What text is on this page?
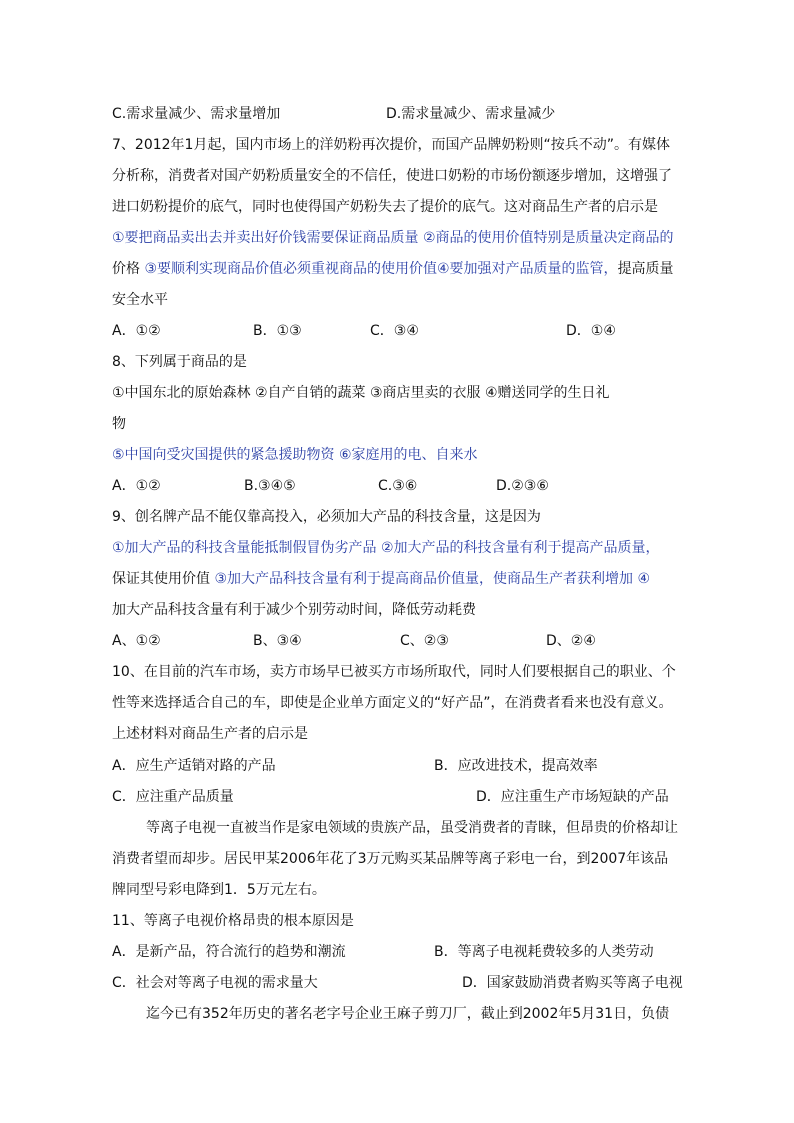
C.需求量减少、需求量增加	D.需求量减少、需求量减少
7、2012年1月起，国内市场上的洋奶粉再次提价，而国产品牌奶粉则“按兵不动”。有媒体
分析称，消费者对国产奶粉质量安全的不信任，使进口奶粉的市场份额逐步增加，这增强了
进口奶粉提价的底气，同时也使得国产奶粉失去了提价的底气。这对商品生产者的启示是
①要把商品卖出去并卖出好价钱需要保证商品质量 ②商品的使用价值特别是质量决定商品的
价格 ③要顺利实现商品价值必须重视商品的使用价值④要加强对产品质量的监管，提高质量
安全水平
A．①②	B．①③	C．③④	D．①④
8、下列属于商品的是
①中国东北的原始森林 ②自产自销的蔬菜 ③商店里卖的衣服 ④赠送同学的生日礼
物
⑤中国向受灾国提供的紧急援助物资 ⑥家庭用的电、自来水
A．①②	B.③④⑤	C.③⑥	D.②③⑥
9、创名牌产品不能仅靠高投入，必须加大产品的科技含量，这是因为
①加大产品的科技含量能抵制假冒伪劣产品 ②加大产品的科技含量有利于提高产品质量，
保证其使用价值 ③加大产品科技含量有利于提高商品价值量，使商品生产者获利增加 ④
加大产品科技含量有利于减少个别劳动时间，降低劳动耗费
A、①②	B、③④	C、②③	D、②④
10、在目前的汽车市场，卖方市场早已被买方市场所取代，同时人们要根据自己的职业、个
性等来选择适合自己的车，即使是企业单方面定义的“好产品”，在消费者看来也没有意义。
上述材料对商品生产者的启示是
A．应生产适销对路的产品	B．应改进技术，提高效率
C．应注重产品质量	D．应注重生产市场短缺的产品
等离子电视一直被当作是家电领域的贵族产品，虽受消费者的青睐，但昂贵的价格却让
消费者望而却步。居民甲某2006年花了3万元购买某品牌等离子彩电一台，到2007年该品
牌同型号彩电降到1．5万元左右。
11、等离子电视价格昂贵的根本原因是
A．是新产品，符合流行的趋势和潮流	B．等离子电视耗费较多的人类劳动
C．社会对等离子电视的需求量大	D．国家鼓励消费者购买等离子电视
迄今已有352年历史的著名老字号企业王麻子剪刀厂，截止到2002年5月31日，负债
